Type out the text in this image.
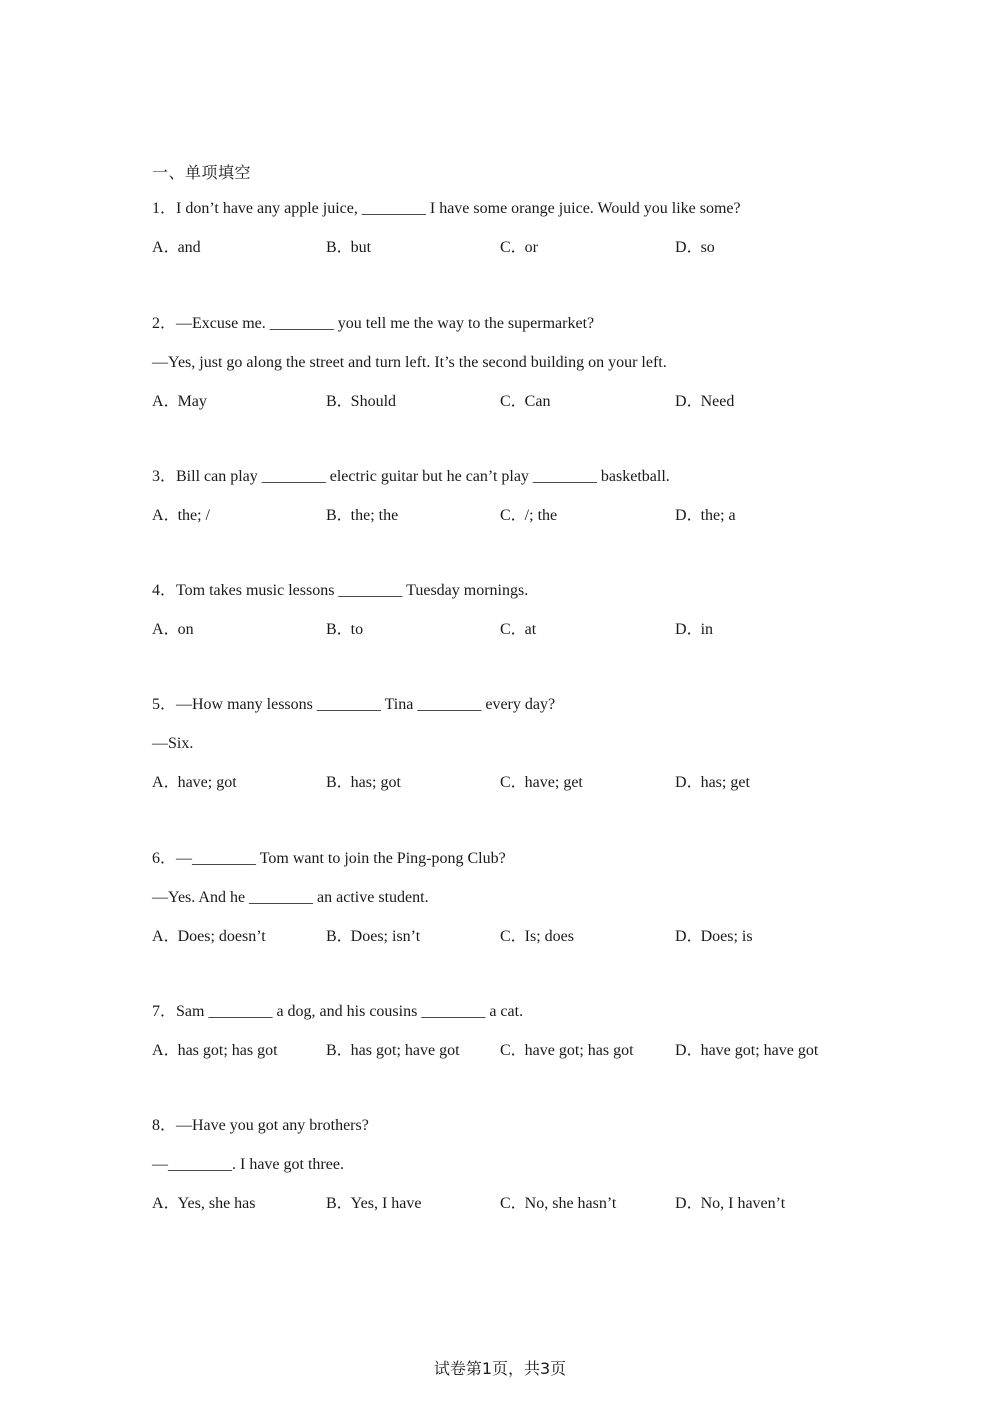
一、单项填空
1．I don’t have any apple juice, ________ I have some orange juice. Would you like some?
A．and	B．but	C．or	D．so
2．—Excuse me. ________ you tell me the way to the supermarket?
—Yes, just go along the street and turn left. It’s the second building on your left.
A．May	B．Should	C．Can	D．Need
3．Bill can play ________ electric guitar but he can’t play ________ basketball.
A．the; /	B．the; the	C．/; the	D．the; a
4．Tom takes music lessons ________ Tuesday mornings.
A．on	B．to	C．at	D．in
5．—How many lessons ________ Tina ________ every day?
—Six.
A．have; got	B．has; got	C．have; get	D．has; get
6．—________ Tom want to join the Ping-pong Club?
—Yes. And he ________ an active student.
A．Does; doesn’t	B．Does; isn’t	C．Is; does	D．Does; is
7．Sam ________ a dog, and his cousins ________ a cat.
A．has got; has got	B．has got; have got	C．have got; has got	D．have got; have got
8．—Have you got any brothers?
—________. I have got three.
A．Yes, she has	B．Yes, I have	C．No, she hasn’t	D．No, I haven’t
试卷第1页，共3页
